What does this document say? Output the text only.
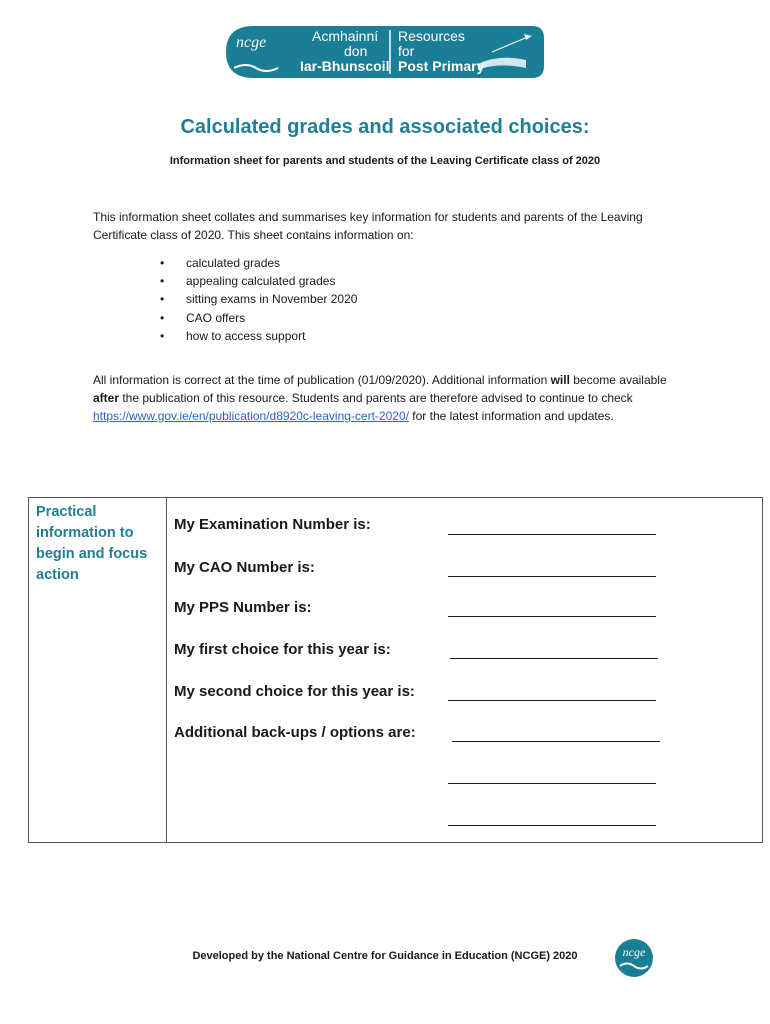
ncge	Acmhainní
don
Iar-Bhunscoil
Resources
for
Post Primary
Calculated grades and associated choices:
Information sheet for parents and students of the Leaving Certificate class of 2020

This information sheet collates and summarises key information for students and parents of the Leaving Certificate class of 2020. This sheet contains information on:

• calculated grades
• appealing calculated grades
• sitting exams in November 2020
• CAO offers
• how to access support

All information is correct at the time of publication (01/09/2020). Additional information will become available after the publication of this resource. Students and parents are therefore advised to continue to check https://www.gov.ie/en/publication/d8920c-leaving-cert-2020/ for the latest information and updates.

Practical information to begin and focus action
My Examination Number is:
My CAO Number is:
My PPS Number is:
My first choice for this year is:
My second choice for this year is:
Additional back-ups / options are:
Developed by the National Centre for Guidance in Education (NCGE) 2020	ncge
